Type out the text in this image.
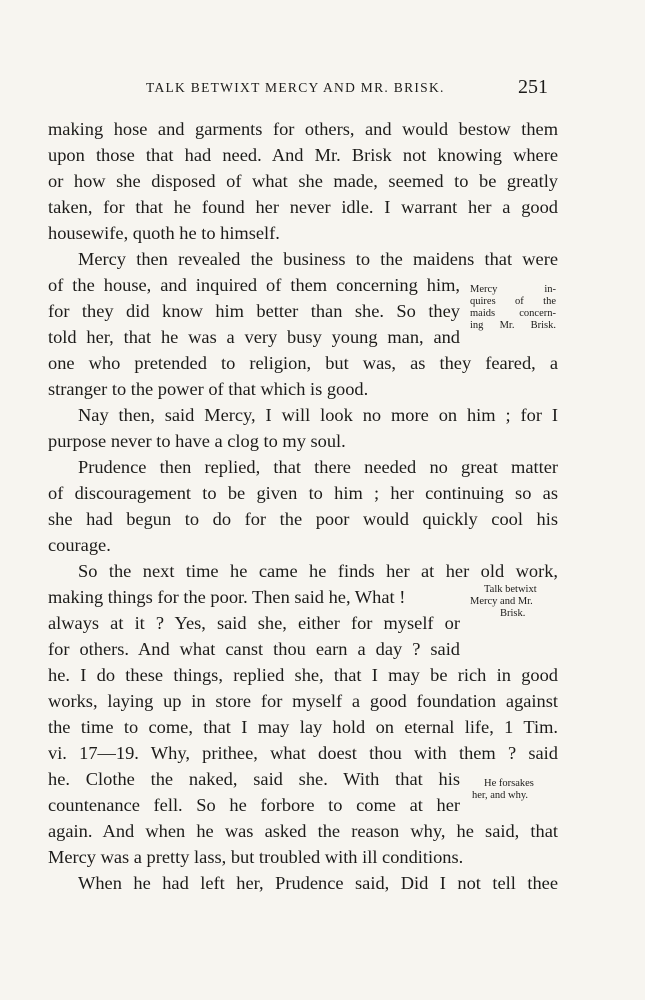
TALK BETWIXT MERCY AND MR. BRISK.	251
making hose and garments for others, and would bestow them
upon those that had need. And Mr. Brisk not knowing where
or how she disposed of what she made, seemed to be greatly
taken, for that he found her never idle. I warrant her a good
housewife, quoth he to himself.
Mercy then revealed the business to the maidens that were
of the house, and inquired of them concerning him,
for they did know him better than she. So they
told her, that he was a very busy young man, and
one who pretended to religion, but was, as they feared, a
stranger to the power of that which is good.
Nay then, said Mercy, I will look no more on him ; for I
purpose never to have a clog to my soul.
Prudence then replied, that there needed no great matter
of discouragement to be given to him ; her continuing so as
she had begun to do for the poor would quickly cool his
courage.
So the next time he came he finds her at her old work,
making things for the poor. Then said he, What !
always at it ? Yes, said she, either for myself or
for others. And what canst thou earn a day ? said
he. I do these things, replied she, that I may be rich in good
works, laying up in store for myself a good foundation against
the time to come, that I may lay hold on eternal life, 1 Tim.
vi. 17—19. Why, prithee, what doest thou with them ? said
he. Clothe the naked, said she. With that his
countenance fell. So he forbore to come at her
again. And when he was asked the reason why, he said, that
Mercy was a pretty lass, but troubled with ill conditions.
When he had left her, Prudence said, Did I not tell thee
Mercy in-
quires of the
maids concern-
ing Mr. Brisk.
Talk betwixt
Mercy and Mr.
Brisk.
He forsakes
her, and why.
